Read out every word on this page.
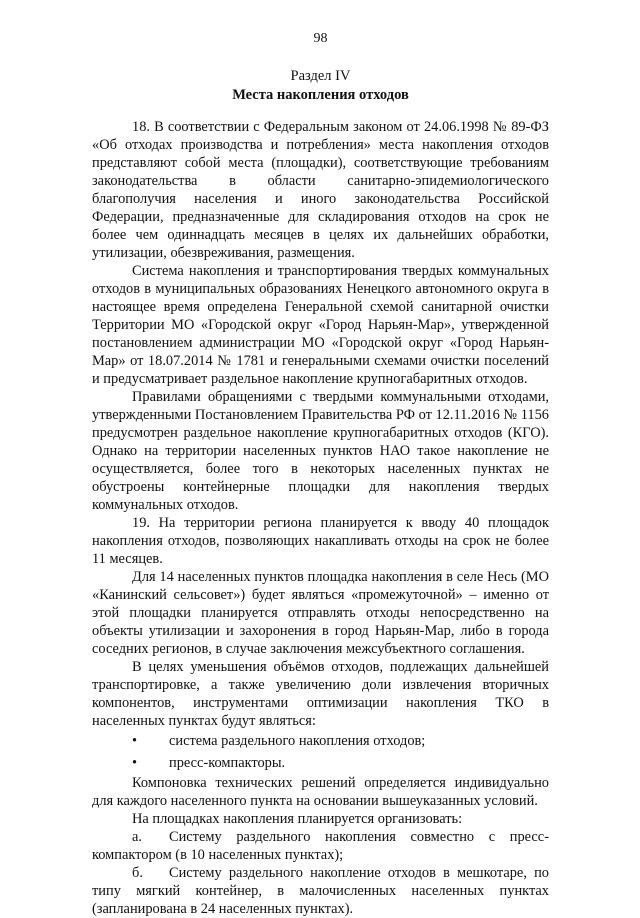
98
Раздел IV
Места накопления отходов

18. В соответствии с Федеральным законом от 24.06.1998 № 89-ФЗ «Об отходах производства и потребления» места накопления отходов представляют собой места (площадки), соответствующие требованиям законодательства в области санитарно-эпидемиологического благополучия населения и иного законодательства Российской Федерации, предназначенные для складирования отходов на срок не более чем одиннадцать месяцев в целях их дальнейших обработки, утилизации, обезвреживания, размещения.

Система накопления и транспортирования твердых коммунальных отходов в муниципальных образованиях Ненецкого автономного округа в настоящее время определена Генеральной схемой санитарной очистки Территории МО «Городской округ «Город Нарьян-Мар», утвержденной постановлением администрации МО «Городской округ «Город Нарьян-Мар» от 18.07.2014 № 1781 и генеральными схемами очистки поселений и предусматривает раздельное накопление крупногабаритных отходов.

Правилами обращениями с твердыми коммунальными отходами, утвержденными Постановлением Правительства РФ от 12.11.2016 № 1156 предусмотрен раздельное накопление крупногабаритных отходов (КГО). Однако на территории населенных пунктов НАО такое накопление не осуществляется, более того в некоторых населенных пунктах не обустроены контейнерные площадки для накопления твердых коммунальных отходов.

19. На территории региона планируется к вводу 40 площадок накопления отходов, позволяющих накапливать отходы на срок не более 11 месяцев.

Для 14 населенных пунктов площадка накопления в селе Несь (МО «Канинский сельсовет») будет являться «промежуточной» – именно от этой площадки планируется отправлять отходы непосредственно на объекты утилизации и захоронения в город Нарьян-Мар, либо в города соседних регионов, в случае заключения межсубъектного соглашения.

В целях уменьшения объёмов отходов, подлежащих дальнейшей транспортировке, а также увеличению доли извлечения вторичных компонентов, инструментами оптимизации накопления ТКО в населенных пунктах будут являться:

• система раздельного накопления отходов;
• пресс-компакторы.

Компоновка технических решений определяется индивидуально для каждого населенного пункта на основании вышеуказанных условий.

На площадках накопления планируется организовать:

а. Систему раздельного накопления совместно с пресс-компактором (в 10 населенных пунктах);

б. Систему раздельного накопление отходов в мешкотаре, по типу мягкий контейнер, в малочисленных населенных пунктах (запланирована в 24 населенных пунктах).
